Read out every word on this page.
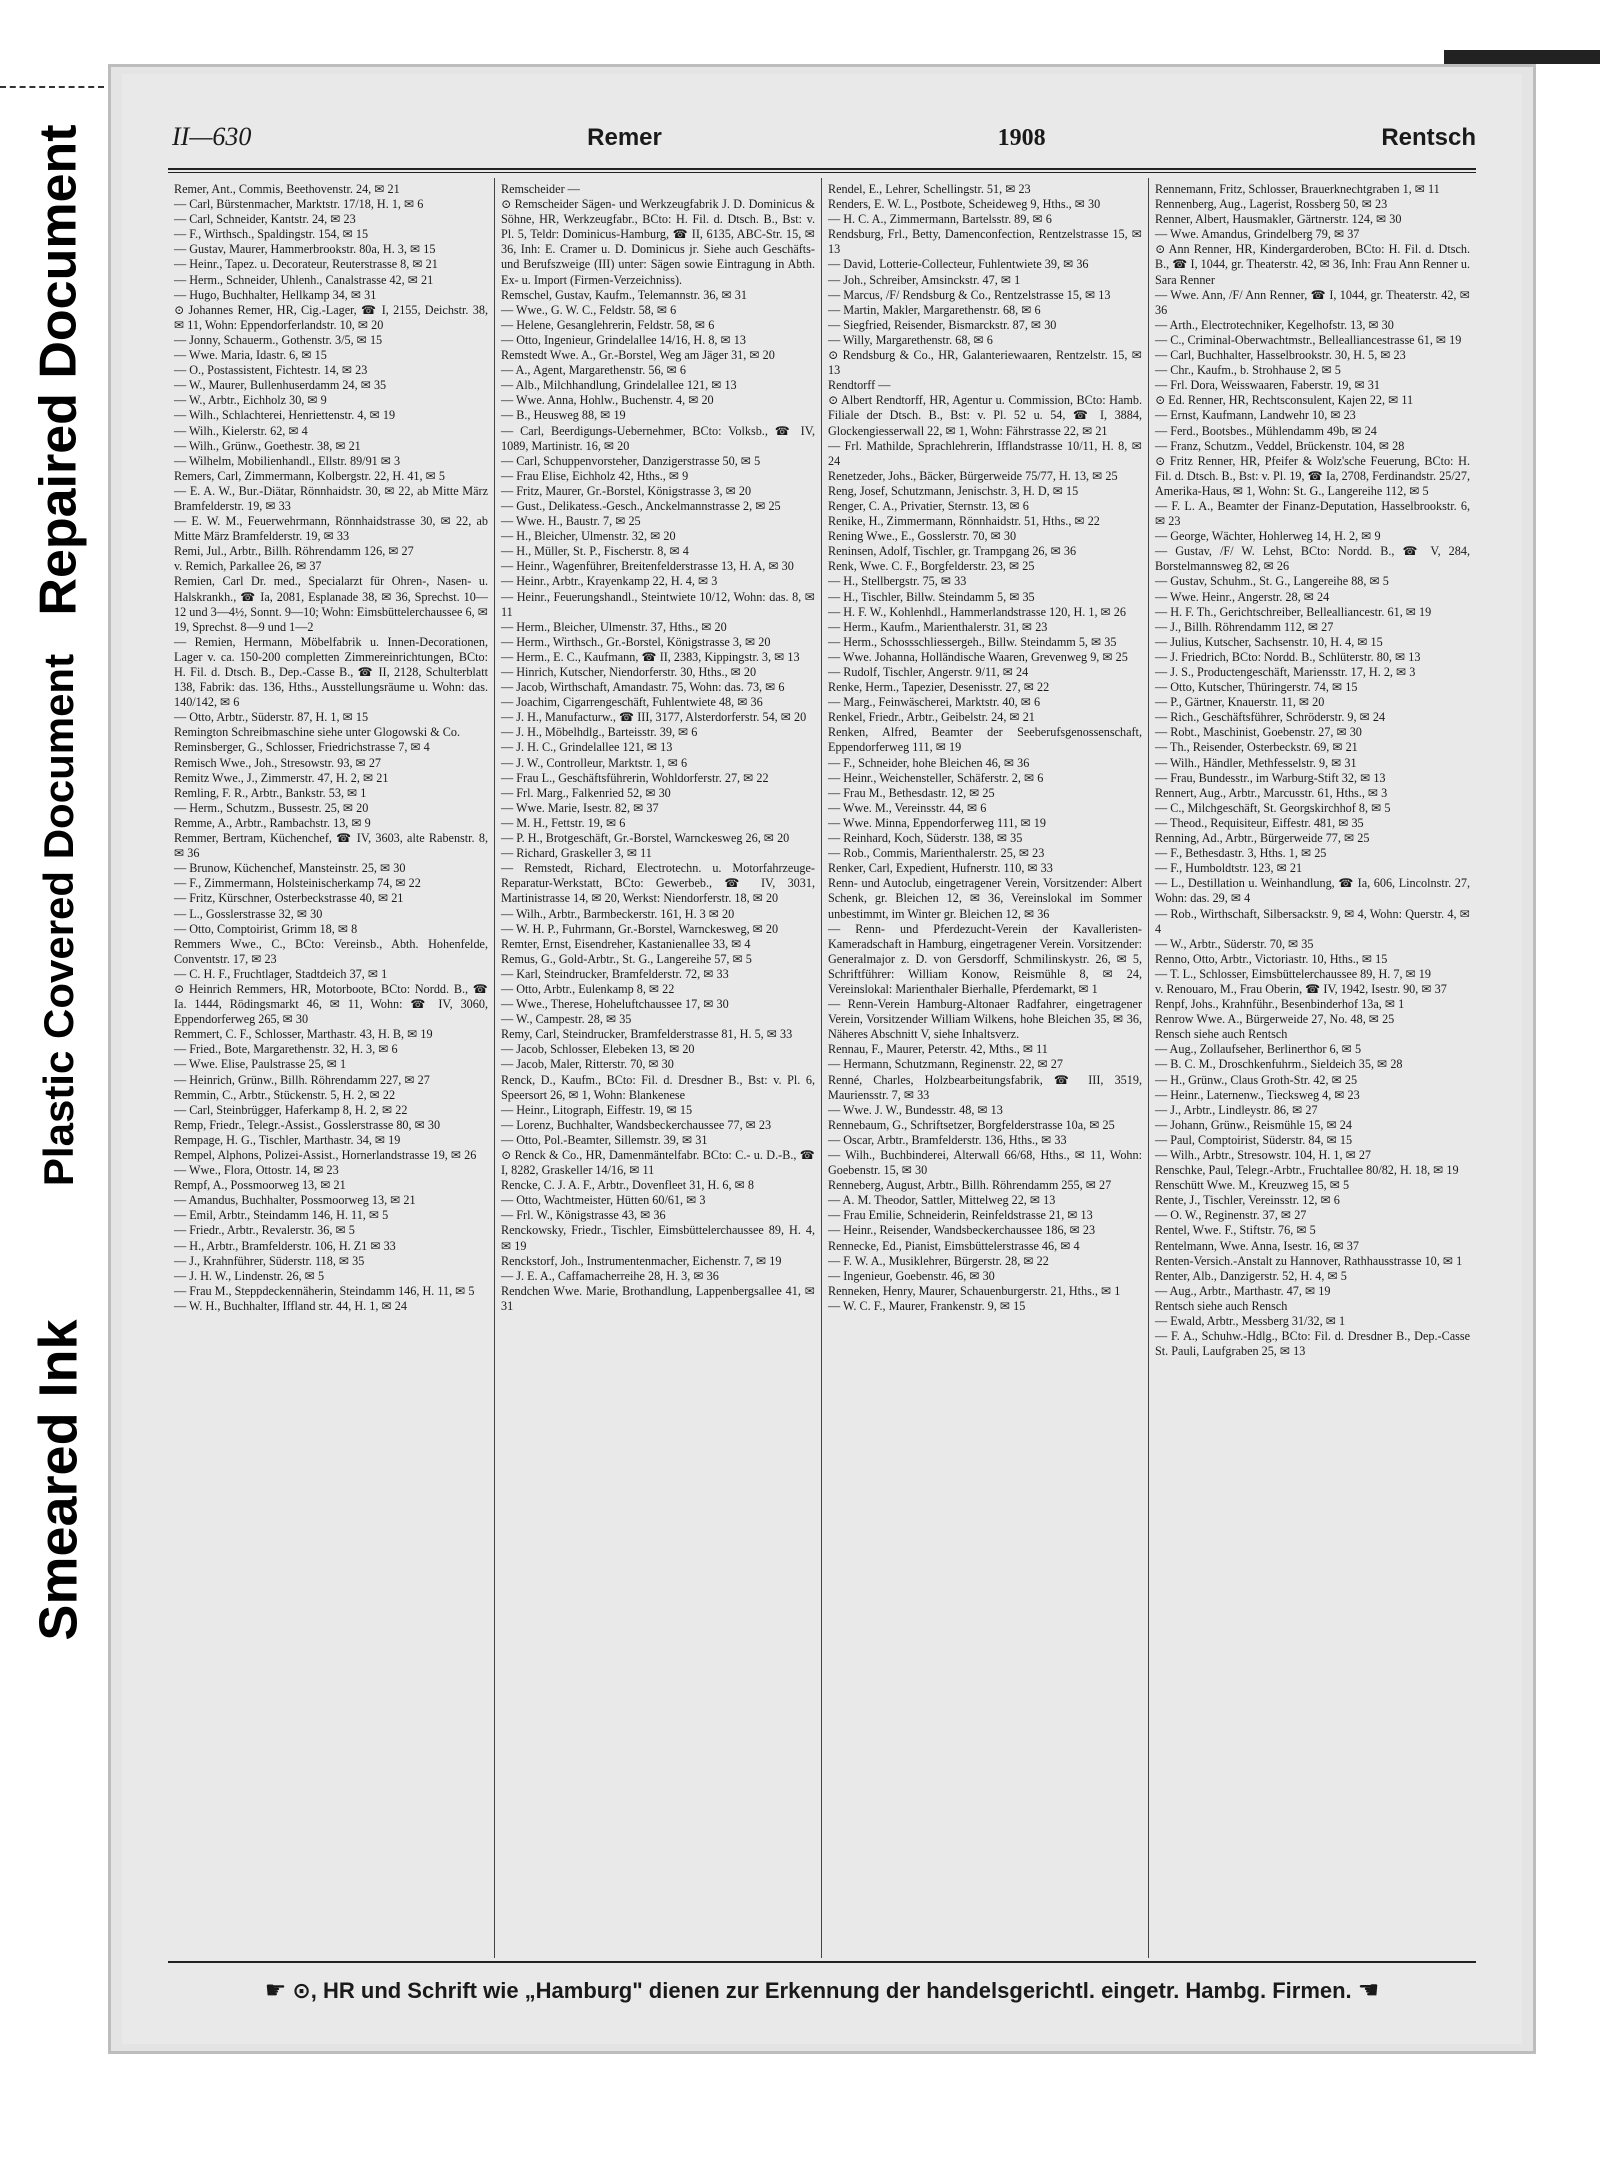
Repaired Document
Plastic Covered Document
Smeared Ink
II—630	Remer	1908	Rentsch

Remer, Ant., Commis, Beethovenstr. 24, ✉ 21

— Carl, Bürstenmacher, Marktstr. 17/18, H. 1, ✉ 6

— Carl, Schneider, Kantstr. 24, ✉ 23

— F., Wirthsch., Spaldingstr. 154, ✉ 15

— Gustav, Maurer, Hammerbrookstr. 80a, H. 3, ✉ 15

— Heinr., Tapez. u. Decorateur, Reuterstrasse 8, ✉ 21

— Herm., Schneider, Uhlenh., Canalstrasse 42, ✉ 21

— Hugo, Buchhalter, Hellkamp 34, ✉ 31

⊙ Johannes Remer, HR, Cig.-Lager, ☎ I, 2155, Deichstr. 38, ✉ 11, Wohn: Eppendorferlandstr. 10, ✉ 20

— Jonny, Schauerm., Gothenstr. 3/5, ✉ 15

— Wwe. Maria, Idastr. 6, ✉ 15

— O., Postassistent, Fichtestr. 14, ✉ 23

— W., Maurer, Bullenhuserdamm 24, ✉ 35

— W., Arbtr., Eichholz 30, ✉ 9

— Wilh., Schlachterei, Henriettenstr. 4, ✉ 19

— Wilh., Kielerstr. 62, ✉ 4

— Wilh., Grünw., Goethestr. 38, ✉ 21

— Wilhelm, Mobilienhandl., Ellstr. 89/91 ✉ 3

Remers, Carl, Zimmermann, Kolbergstr. 22, H. 41, ✉ 5

— E. A. W., Bur.-Diätar, Rönnhaidstr. 30, ✉ 22, ab Mitte März Bramfelderstr. 19, ✉ 33

— E. W. M., Feuerwehrmann, Rönnhaidstrasse 30, ✉ 22, ab Mitte März Bramfelderstr. 19, ✉ 33

Remi, Jul., Arbtr., Billh. Röhrendamm 126, ✉ 27

v. Remich, Parkallee 26, ✉ 37

Remien, Carl Dr. med., Specialarzt für Ohren-, Nasen- u. Halskrankh., ☎ Ia, 2081, Esplanade 38, ✉ 36, Sprechst. 10—12 und 3—4½, Sonnt. 9—10; Wohn: Eimsbüttelerchaussee 6, ✉ 19, Sprechst. 8—9 und 1—2

— Remien, Hermann, Möbelfabrik u. Innen-Decorationen, Lager v. ca. 150-200 completten Zimmereinrichtungen, BCto: H. Fil. d. Dtsch. B., Dep.-Casse B., ☎ II, 2128, Schulterblatt 138, Fabrik: das. 136, Hths., Ausstellungsräume u. Wohn: das. 140/142, ✉ 6

— Otto, Arbtr., Süderstr. 87, H. 1, ✉ 15

Remington Schreibmaschine siehe unter Glogowski & Co.

Reminsberger, G., Schlosser, Friedrichstrasse 7, ✉ 4

Remisch Wwe., Joh., Stresowstr. 93, ✉ 27

Remitz Wwe., J., Zimmerstr. 47, H. 2, ✉ 21

Remling, F. R., Arbtr., Bankstr. 53, ✉ 1

— Herm., Schutzm., Bussestr. 25, ✉ 20

Remme, A., Arbtr., Rambachstr. 13, ✉ 9

Remmer, Bertram, Küchenchef, ☎ IV, 3603, alte Rabenstr. 8, ✉ 36

— Brunow, Küchenchef, Mansteinstr. 25, ✉ 30

— F., Zimmermann, Holsteinischerkamp 74, ✉ 22

— Fritz, Kürschner, Osterbeckstrasse 40, ✉ 21

— L., Gosslerstrasse 32, ✉ 30

— Otto, Comptoirist, Grimm 18, ✉ 8

Remmers Wwe., C., BCto: Vereinsb., Abth. Hohenfelde, Conventstr. 17, ✉ 23

— C. H. F., Fruchtlager, Stadtdeich 37, ✉ 1

⊙ Heinrich Remmers, HR, Motorboote, BCto: Nordd. B., ☎ Ia. 1444, Rödingsmarkt 46, ✉ 11, Wohn: ☎ IV, 3060, Eppendorferweg 265, ✉ 30

Remmert, C. F., Schlosser, Marthastr. 43, H. B, ✉ 19

— Fried., Bote, Margarethenstr. 32, H. 3, ✉ 6

— Wwe. Elise, Paulstrasse 25, ✉ 1

— Heinrich, Grünw., Billh. Röhrendamm 227, ✉ 27

Remmin, C., Arbtr., Stückenstr. 5, H. 2, ✉ 22

— Carl, Steinbrügger, Haferkamp 8, H. 2, ✉ 22

Remp, Friedr., Telegr.-Assist., Gosslerstrasse 80, ✉ 30

Rempage, H. G., Tischler, Marthastr. 34, ✉ 19

Rempel, Alphons, Polizei-Assist., Hornerlandstrasse 19, ✉ 26

— Wwe., Flora, Ottostr. 14, ✉ 23

Rempf, A., Possmoorweg 13, ✉ 21

— Amandus, Buchhalter, Possmoorweg 13, ✉ 21

— Emil, Arbtr., Steindamm 146, H. 11, ✉ 5

— Friedr., Arbtr., Revalerstr. 36, ✉ 5

— H., Arbtr., Bramfelderstr. 106, H. Z1 ✉ 33

— J., Krahnführer, Süderstr. 118, ✉ 35

— J. H. W., Lindenstr. 26, ✉ 5

— Frau M., Steppdeckennäherin, Steindamm 146, H. 11, ✉ 5

— W. H., Buchhalter, Iffland str. 44, H. 1, ✉ 24

Remscheider —

⊙ Remscheider Sägen- und Werkzeugfabrik J. D. Dominicus & Söhne, HR, Werkzeugfabr., BCto: H. Fil. d. Dtsch. B., Bst: v. Pl. 5, Teldr: Dominicus-Hamburg, ☎ II, 6135, ABC-Str. 15, ✉ 36, Inh: E. Cramer u. D. Dominicus jr. Siehe auch Geschäfts- und Berufszweige (III) unter: Sägen sowie Eintragung in Abth. Ex- u. Import (Firmen-Verzeichniss).

Remschel, Gustav, Kaufm., Telemannstr. 36, ✉ 31

— Wwe., G. W. C., Feldstr. 58, ✉ 6

— Helene, Gesanglehrerin, Feldstr. 58, ✉ 6

— Otto, Ingenieur, Grindelallee 14/16, H. 8, ✉ 13

Remstedt Wwe. A., Gr.-Borstel, Weg am Jäger 31, ✉ 20

— A., Agent, Margarethenstr. 56, ✉ 6

— Alb., Milchhandlung, Grindelallee 121, ✉ 13

— Wwe. Anna, Hohlw., Buchenstr. 4, ✉ 20

— B., Heusweg 88, ✉ 19

— Carl, Beerdigungs-Uebernehmer, BCto: Volksb., ☎ IV, 1089, Martinistr. 16, ✉ 20

— Carl, Schuppenvorsteher, Danzigerstrasse 50, ✉ 5

— Frau Elise, Eichholz 42, Hths., ✉ 9

— Fritz, Maurer, Gr.-Borstel, Königstrasse 3, ✉ 20

— Gust., Delikatess.-Gesch., Anckelmannstrasse 2, ✉ 25

— Wwe. H., Baustr. 7, ✉ 25

— H., Bleicher, Ulmenstr. 32, ✉ 20

— H., Müller, St. P., Fischerstr. 8, ✉ 4

— Heinr., Wagenführer, Breitenfelderstrasse 13, H. A, ✉ 30

— Heinr., Arbtr., Krayenkamp 22, H. 4, ✉ 3

— Heinr., Feuerungshandl., Steintwiete 10/12, Wohn: das. 8, ✉ 11

— Herm., Bleicher, Ulmenstr. 37, Hths., ✉ 20

— Herm., Wirthsch., Gr.-Borstel, Königstrasse 3, ✉ 20

— Herm., E. C., Kaufmann, ☎ II, 2383, Kippingstr. 3, ✉ 13

— Hinrich, Kutscher, Niendorferstr. 30, Hths., ✉ 20

— Jacob, Wirthschaft, Amandastr. 75, Wohn: das. 73, ✉ 6

— Joachim, Cigarrengeschäft, Fuhlentwiete 48, ✉ 36

— J. H., Manufacturw., ☎ III, 3177, Alsterdorferstr. 54, ✉ 20

— J. H., Möbelhdlg., Barteisstr. 39, ✉ 6

— J. H. C., Grindelallee 121, ✉ 13

— J. W., Controlleur, Marktstr. 1, ✉ 6

— Frau L., Geschäftsführerin, Wohldorferstr. 27, ✉ 22

— Frl. Marg., Falkenried 52, ✉ 30

— Wwe. Marie, Isestr. 82, ✉ 37

— M. H., Fettstr. 19, ✉ 6

— P. H., Brotgeschäft, Gr.-Borstel, Warnckesweg 26, ✉ 20

— Richard, Graskeller 3, ✉ 11

— Remstedt, Richard, Electrotechn. u. Motorfahrzeuge-Reparatur-Werkstatt, BCto: Gewerbeb., ☎ IV, 3031, Martinistrasse 14, ✉ 20, Werkst: Niendorferstr. 18, ✉ 20

— Wilh., Arbtr., Barmbeckerstr. 161, H. 3 ✉ 20

— W. H. P., Fuhrmann, Gr.-Borstel, Warnckesweg, ✉ 20

Remter, Ernst, Eisendreher, Kastanienallee 33, ✉ 4

Remus, G., Gold-Arbtr., St. G., Langereihe 57, ✉ 5

— Karl, Steindrucker, Bramfelderstr. 72, ✉ 33

— Otto, Arbtr., Eulenkamp 8, ✉ 22

— Wwe., Therese, Hoheluftchaussee 17, ✉ 30

— W., Campestr. 28, ✉ 35

Remy, Carl, Steindrucker, Bramfelderstrasse 81, H. 5, ✉ 33

— Jacob, Schlosser, Elebeken 13, ✉ 20

— Jacob, Maler, Ritterstr. 70, ✉ 30

Renck, D., Kaufm., BCto: Fil. d. Dresdner B., Bst: v. Pl. 6, Speersort 26, ✉ 1, Wohn: Blankenese

— Heinr., Litograph, Eiffestr. 19, ✉ 15

— Lorenz, Buchhalter, Wandsbeckerchaussee 77, ✉ 23

— Otto, Pol.-Beamter, Sillemstr. 39, ✉ 31

⊙ Renck & Co., HR, Damenmäntelfabr. BCto: C.- u. D.-B., ☎ I, 8282, Graskeller 14/16, ✉ 11

Rencke, C. J. A. F., Arbtr., Dovenfleet 31, H. 6, ✉ 8

— Otto, Wachtmeister, Hütten 60/61, ✉ 3

— Frl. W., Königstrasse 43, ✉ 36

Renckowsky, Friedr., Tischler, Eimsbüttelerchaussee 89, H. 4, ✉ 19

Renckstorf, Joh., Instrumentenmacher, Eichenstr. 7, ✉ 19

— J. E. A., Caffamacherreihe 28, H. 3, ✉ 36

Rendchen Wwe. Marie, Brothandlung, Lappenbergsallee 41, ✉ 31

Rendel, E., Lehrer, Schellingstr. 51, ✉ 23

Renders, E. W. L., Postbote, Scheideweg 9, Hths., ✉ 30

— H. C. A., Zimmermann, Bartelsstr. 89, ✉ 6

Rendsburg, Frl., Betty, Damenconfection, Rentzelstrasse 15, ✉ 13

— David, Lotterie-Collecteur, Fuhlentwiete 39, ✉ 36

— Joh., Schreiber, Amsinckstr. 47, ✉ 1

— Marcus, /F/ Rendsburg & Co., Rentzelstrasse 15, ✉ 13

— Martin, Makler, Margarethenstr. 68, ✉ 6

— Siegfried, Reisender, Bismarckstr. 87, ✉ 30

— Willy, Margarethenstr. 68, ✉ 6

⊙ Rendsburg & Co., HR, Galanteriewaaren, Rentzelstr. 15, ✉ 13

Rendtorff —

⊙ Albert Rendtorff, HR, Agentur u. Commission, BCto: Hamb. Filiale der Dtsch. B., Bst: v. Pl. 52 u. 54, ☎ I, 3884, Glockengiesserwall 22, ✉ 1, Wohn: Fährstrasse 22, ✉ 21

— Frl. Mathilde, Sprachlehrerin, Ifflandstrasse 10/11, H. 8, ✉ 24

Renetzeder, Johs., Bäcker, Bürgerweide 75/77, H. 13, ✉ 25

Reng, Josef, Schutzmann, Jenischstr. 3, H. D, ✉ 15

Renger, C. A., Privatier, Sternstr. 13, ✉ 6

Renike, H., Zimmermann, Rönnhaidstr. 51, Hths., ✉ 22

Rening Wwe., E., Gosslerstr. 70, ✉ 30

Reninsen, Adolf, Tischler, gr. Trampgang 26, ✉ 36

Renk, Wwe. C. F., Borgfelderstr. 23, ✉ 25

— H., Stellbergstr. 75, ✉ 33

— H., Tischler, Billw. Steindamm 5, ✉ 35

— H. F. W., Kohlenhdl., Hammerlandstrasse 120, H. 1, ✉ 26

— Herm., Kaufm., Marienthalerstr. 31, ✉ 23

— Herm., Schossschliessergeh., Billw. Steindamm 5, ✉ 35

— Wwe. Johanna, Holländische Waaren, Grevenweg 9, ✉ 25

— Rudolf, Tischler, Angerstr. 9/11, ✉ 24

Renke, Herm., Tapezier, Desenisstr. 27, ✉ 22

— Marg., Feinwäscherei, Marktstr. 40, ✉ 6

Renkel, Friedr., Arbtr., Geibelstr. 24, ✉ 21

Renken, Alfred, Beamter der Seeberufsgenossenschaft, Eppendorferweg 111, ✉ 19

— F., Schneider, hohe Bleichen 46, ✉ 36

— Heinr., Weichensteller, Schäferstr. 2, ✉ 6

— Frau M., Bethesdastr. 12, ✉ 25

— Wwe. M., Vereinsstr. 44, ✉ 6

— Wwe. Minna, Eppendorferweg 111, ✉ 19

— Reinhard, Koch, Süderstr. 138, ✉ 35

— Rob., Commis, Marienthalerstr. 25, ✉ 23

Renker, Carl, Expedient, Hufnerstr. 110, ✉ 33

Renn- und Autoclub, eingetragener Verein, Vorsitzender: Albert Schenk, gr. Bleichen 12, ✉ 36, Vereinslokal im Sommer unbestimmt, im Winter gr. Bleichen 12, ✉ 36

— Renn- und Pferdezucht-Verein der Kavalleristen-Kameradschaft in Hamburg, eingetragener Verein. Vorsitzender: Generalmajor z. D. von Gersdorff, Schmilinskystr. 26, ✉ 5, Schriftführer: William Konow, Reismühle 8, ✉ 24, Vereinslokal: Marienthaler Bierhalle, Pferdemarkt, ✉ 1

— Renn-Verein Hamburg-Altonaer Radfahrer, eingetragener Verein, Vorsitzender William Wilkens, hohe Bleichen 35, ✉ 36, Näheres Abschnitt V, siehe Inhaltsverz.

Rennau, F., Maurer, Peterstr. 42, Mths., ✉ 11

— Hermann, Schutzmann, Reginenstr. 22, ✉ 27

Renné, Charles, Holzbearbeitungsfabrik, ☎ III, 3519, Mauriensstr. 7, ✉ 33

— Wwe. J. W., Bundesstr. 48, ✉ 13

Rennebaum, G., Schriftsetzer, Borgfelderstrasse 10a, ✉ 25

— Oscar, Arbtr., Bramfelderstr. 136, Hths., ✉ 33

— Wilh., Buchbinderei, Alterwall 66/68, Hths., ✉ 11, Wohn: Goebenstr. 15, ✉ 30

Renneberg, August, Arbtr., Billh. Röhrendamm 255, ✉ 27

— A. M. Theodor, Sattler, Mittelweg 22, ✉ 13

— Frau Emilie, Schneiderin, Reinfeldstrasse 21, ✉ 13

— Heinr., Reisender, Wandsbeckerchaussee 186, ✉ 23

Rennecke, Ed., Pianist, Eimsbüttelerstrasse 46, ✉ 4

— F. W. A., Musiklehrer, Bürgerstr. 28, ✉ 22

— Ingenieur, Goebenstr. 46, ✉ 30

Renneken, Henry, Maurer, Schauenburgerstr. 21, Hths., ✉ 1

— W. C. F., Maurer, Frankenstr. 9, ✉ 15

Rennemann, Fritz, Schlosser, Brauerknechtgraben 1, ✉ 11

Rennenberg, Aug., Lagerist, Rossberg 50, ✉ 23

Renner, Albert, Hausmakler, Gärtnerstr. 124, ✉ 30

— Wwe. Amandus, Grindelberg 79, ✉ 37

⊙ Ann Renner, HR, Kindergarderoben, BCto: H. Fil. d. Dtsch. B., ☎ I, 1044, gr. Theaterstr. 42, ✉ 36, Inh: Frau Ann Renner u. Sara Renner

— Wwe. Ann, /F/ Ann Renner, ☎ I, 1044, gr. Theaterstr. 42, ✉ 36

— Arth., Electrotechniker, Kegelhofstr. 13, ✉ 30

— C., Criminal-Oberwachtmstr., Bellealliancestrasse 61, ✉ 19

— Carl, Buchhalter, Hasselbrookstr. 30, H. 5, ✉ 23

— Chr., Kaufm., b. Strohhause 2, ✉ 5

— Frl. Dora, Weisswaaren, Faberstr. 19, ✉ 31

⊙ Ed. Renner, HR, Rechtsconsulent, Kajen 22, ✉ 11

— Ernst, Kaufmann, Landwehr 10, ✉ 23

— Ferd., Bootsbes., Mühlendamm 49b, ✉ 24

— Franz, Schutzm., Veddel, Brückenstr. 104, ✉ 28

⊙ Fritz Renner, HR, Pfeifer & Wolz'sche Feuerung, BCto: H. Fil. d. Dtsch. B., Bst: v. Pl. 19, ☎ Ia, 2708, Ferdinandstr. 25/27, Amerika-Haus, ✉ 1, Wohn: St. G., Langereihe 112, ✉ 5

— F. L. A., Beamter der Finanz-Deputation, Hasselbrookstr. 6, ✉ 23

— George, Wächter, Hohlerweg 14, H. 2, ✉ 9

— Gustav, /F/ W. Lehst, BCto: Nordd. B., ☎ V, 284, Borstelmannsweg 82, ✉ 26

— Gustav, Schuhm., St. G., Langereihe 88, ✉ 5

— Wwe. Heinr., Angerstr. 28, ✉ 24

— H. F. Th., Gerichtschreiber, Bellealliancestr. 61, ✉ 19

— J., Billh. Röhrendamm 112, ✉ 27

— Julius, Kutscher, Sachsenstr. 10, H. 4, ✉ 15

— J. Friedrich, BCto: Nordd. B., Schlüterstr. 80, ✉ 13

— J. S., Productengeschäft, Mariensstr. 17, H. 2, ✉ 3

— Otto, Kutscher, Thüringerstr. 74, ✉ 15

— P., Gärtner, Knauerstr. 11, ✉ 20

— Rich., Geschäftsführer, Schröderstr. 9, ✉ 24

— Robt., Maschinist, Goebenstr. 27, ✉ 30

— Th., Reisender, Osterbeckstr. 69, ✉ 21

— Wilh., Händler, Methfesselstr. 9, ✉ 31

— Frau, Bundesstr., im Warburg-Stift 32, ✉ 13

Rennert, Aug., Arbtr., Marcusstr. 61, Hths., ✉ 3

— C., Milchgeschäft, St. Georgskirchhof 8, ✉ 5

— Theod., Requisiteur, Eiffestr. 481, ✉ 35

Renning, Ad., Arbtr., Bürgerweide 77, ✉ 25

— F., Bethesdastr. 3, Hths. 1, ✉ 25

— F., Humboldtstr. 123, ✉ 21

— L., Destillation u. Weinhandlung, ☎ Ia, 606, Lincolnstr. 27, Wohn: das. 29, ✉ 4

— Rob., Wirthschaft, Silbersackstr. 9, ✉ 4, Wohn: Querstr. 4, ✉ 4

— W., Arbtr., Süderstr. 70, ✉ 35

Renno, Otto, Arbtr., Victoriastr. 10, Hths., ✉ 15

— T. L., Schlosser, Eimsbüttelerchaussee 89, H. 7, ✉ 19

v. Renouaro, M., Frau Oberin, ☎ IV, 1942, Isestr. 90, ✉ 37

Renpf, Johs., Krahnführ., Besenbinderhof 13a, ✉ 1

Renrow Wwe. A., Bürgerweide 27, No. 48, ✉ 25

Rensch siehe auch Rentsch

— Aug., Zollaufseher, Berlinerthor 6, ✉ 5

— B. C. M., Droschkenfuhrm., Sieldeich 35, ✉ 28

— H., Grünw., Claus Groth-Str. 42, ✉ 25

— Heinr., Laternenw., Tiecksweg 4, ✉ 23

— J., Arbtr., Lindleystr. 86, ✉ 27

— Johann, Grünw., Reismühle 15, ✉ 24

— Paul, Comptoirist, Süderstr. 84, ✉ 15

— Wilh., Arbtr., Stresowstr. 104, H. 1, ✉ 27

Renschke, Paul, Telegr.-Arbtr., Fruchtallee 80/82, H. 18, ✉ 19

Renschütt Wwe. M., Kreuzweg 15, ✉ 5

Rente, J., Tischler, Vereinsstr. 12, ✉ 6

— O. W., Reginenstr. 37, ✉ 27

Rentel, Wwe. F., Stiftstr. 76, ✉ 5

Rentelmann, Wwe. Anna, Isestr. 16, ✉ 37

Renten-Versich.-Anstalt zu Hannover, Rathhausstrasse 10, ✉ 1

Renter, Alb., Danzigerstr. 52, H. 4, ✉ 5

— Aug., Arbtr., Marthastr. 47, ✉ 19

Rentsch siehe auch Rensch

— Ewald, Arbtr., Messberg 31/32, ✉ 1

— F. A., Schuhw.-Hdlg., BCto: Fil. d. Dresdner B., Dep.-Casse St. Pauli, Laufgraben 25, ✉ 13

☛ ⊙, HR und Schrift wie „Hamburg" dienen zur Erkennung der handelsgerichtl. eingetr. Hambg. Firmen. ☚
